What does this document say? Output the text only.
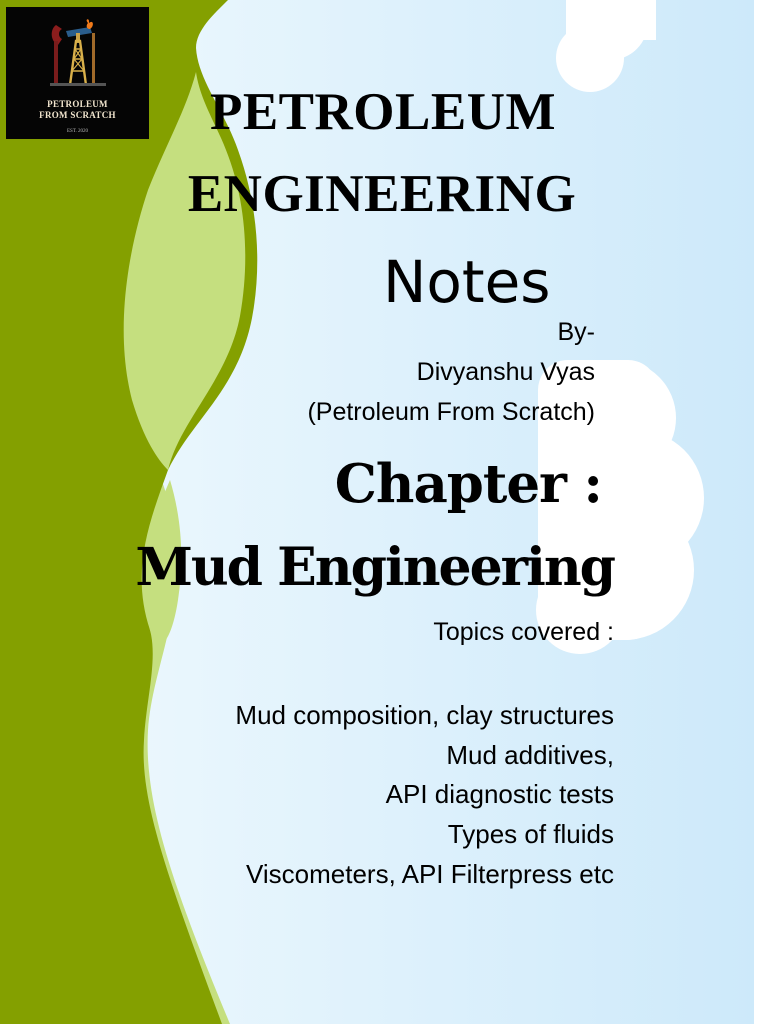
PETROLEUM
FROM SCRATCH
EST. 2020	PETROLEUM
ENGINEERING
Notes
By-
Divyanshu Vyas
(Petroleum From Scratch)
Chapter :
Mud Engineering
Topics covered :
Mud composition, clay structures
Mud additives,
API diagnostic tests
Types of fluids
Viscometers, API Filterpress etc
